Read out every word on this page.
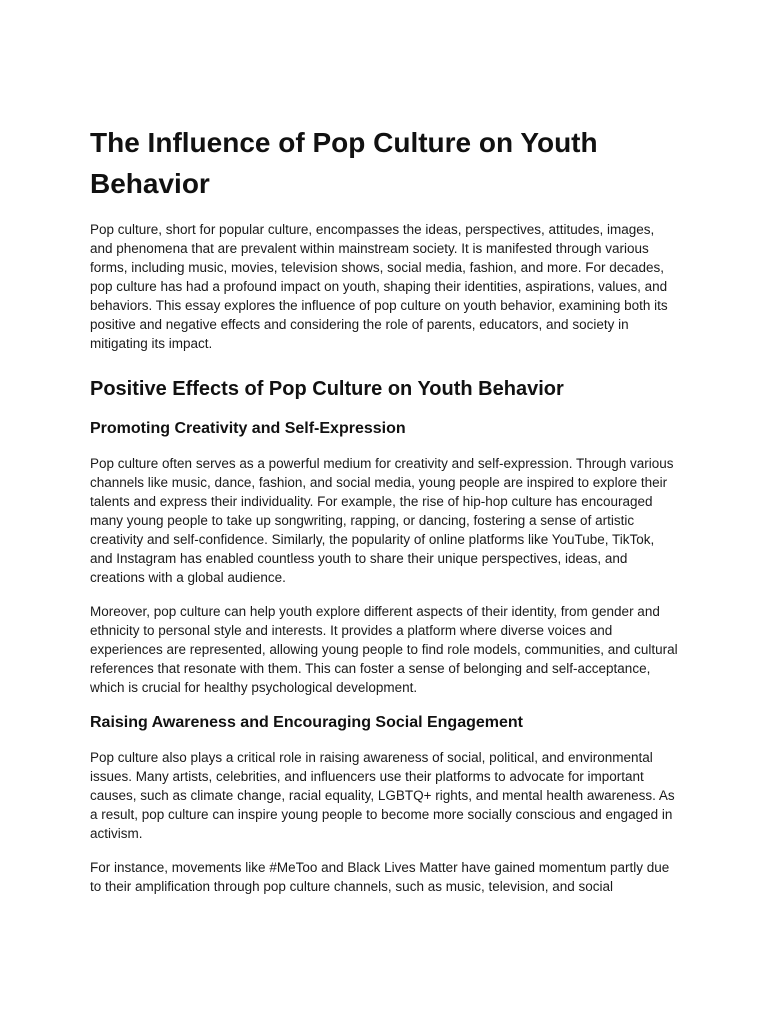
The Influence of Pop Culture on Youth Behavior

Pop culture, short for popular culture, encompasses the ideas, perspectives, attitudes, images, and phenomena that are prevalent within mainstream society. It is manifested through various forms, including music, movies, television shows, social media, fashion, and more. For decades, pop culture has had a profound impact on youth, shaping their identities, aspirations, values, and behaviors. This essay explores the influence of pop culture on youth behavior, examining both its positive and negative effects and considering the role of parents, educators, and society in mitigating its impact.

Positive Effects of Pop Culture on Youth Behavior
Promoting Creativity and Self-Expression

Pop culture often serves as a powerful medium for creativity and self-expression. Through various channels like music, dance, fashion, and social media, young people are inspired to explore their talents and express their individuality. For example, the rise of hip-hop culture has encouraged many young people to take up songwriting, rapping, or dancing, fostering a sense of artistic creativity and self-confidence. Similarly, the popularity of online platforms like YouTube, TikTok, and Instagram has enabled countless youth to share their unique perspectives, ideas, and creations with a global audience.

Moreover, pop culture can help youth explore different aspects of their identity, from gender and ethnicity to personal style and interests. It provides a platform where diverse voices and experiences are represented, allowing young people to find role models, communities, and cultural references that resonate with them. This can foster a sense of belonging and self-acceptance, which is crucial for healthy psychological development.

Raising Awareness and Encouraging Social Engagement

Pop culture also plays a critical role in raising awareness of social, political, and environmental issues. Many artists, celebrities, and influencers use their platforms to advocate for important causes, such as climate change, racial equality, LGBTQ+ rights, and mental health awareness. As a result, pop culture can inspire young people to become more socially conscious and engaged in activism.

For instance, movements like #MeToo and Black Lives Matter have gained momentum partly due to their amplification through pop culture channels, such as music, television, and social
